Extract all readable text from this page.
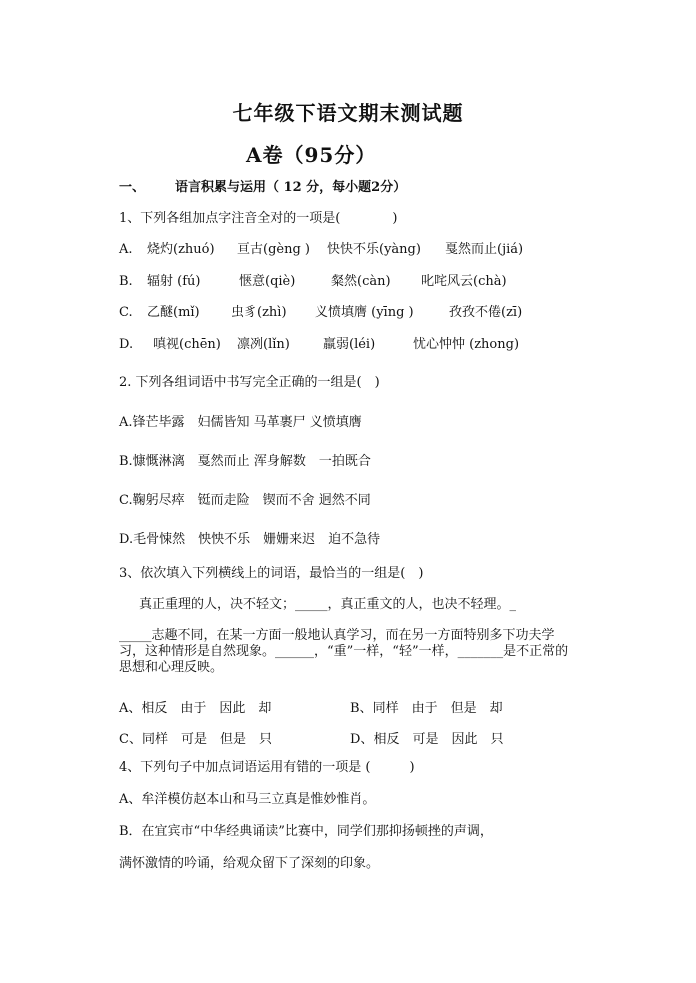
七年级下语文期末测试题
A卷（95分）
一、 语言积累与运用（ 12 分，每小题2分）
1、下列各组加点字注音全对的一项是(　　　　)
A. 烧灼(zhuó) 亘古(gèng ) 快快不乐(yàng) 戛然而止(jiá)
B. 辐射 (fú)	惬意(qiè)	粲然(càn) 叱咤风云(chà)
C. 乙醚(mǐ) 虫豸(zhì) 义愤填膺 (yīng )	孜孜不倦(zī)
D. 嗔视(chēn) 凛冽(lǐn)	羸弱(léi)	忧心忡忡 (zhong)
2. 下列各组词语中书写完全正确的一组是(　)
A.锋芒毕露　妇儒皆知 马革裹尸 义愤填膺
B.慷慨淋漓　戛然而止 浑身解数　一拍既合
C.鞠躬尽瘁　铤而走险　锲而不舍 迥然不同
D.毛骨悚然　怏怏不乐　姗姗来迟　迫不急待
3、依次填入下列横线上的词语，最恰当的一组是(　)
真正重理的人，决不轻文；_____，真正重文的人，也决不轻理。_
_____志趣不同，在某一方面一般地认真学习，而在另一方面特别多下功夫学习，这种情形是自然现象。______，“重”一样，“轻”一样，_______是不正常的思想和心理反映。
A、相反　由于　因此　却	B、同样　由于　但是　却
C、同样　可是　但是　只	D、相反　可是　因此　只
4、下列句子中加点词语运用有错的一项是 (　　　)
A、牟洋模仿赵本山和马三立真是惟妙惟肖。
B．在宜宾市“中华经典诵读”比赛中，同学们那抑扬顿挫的声调，
满怀激情的吟诵，给观众留下了深刻的印象。
